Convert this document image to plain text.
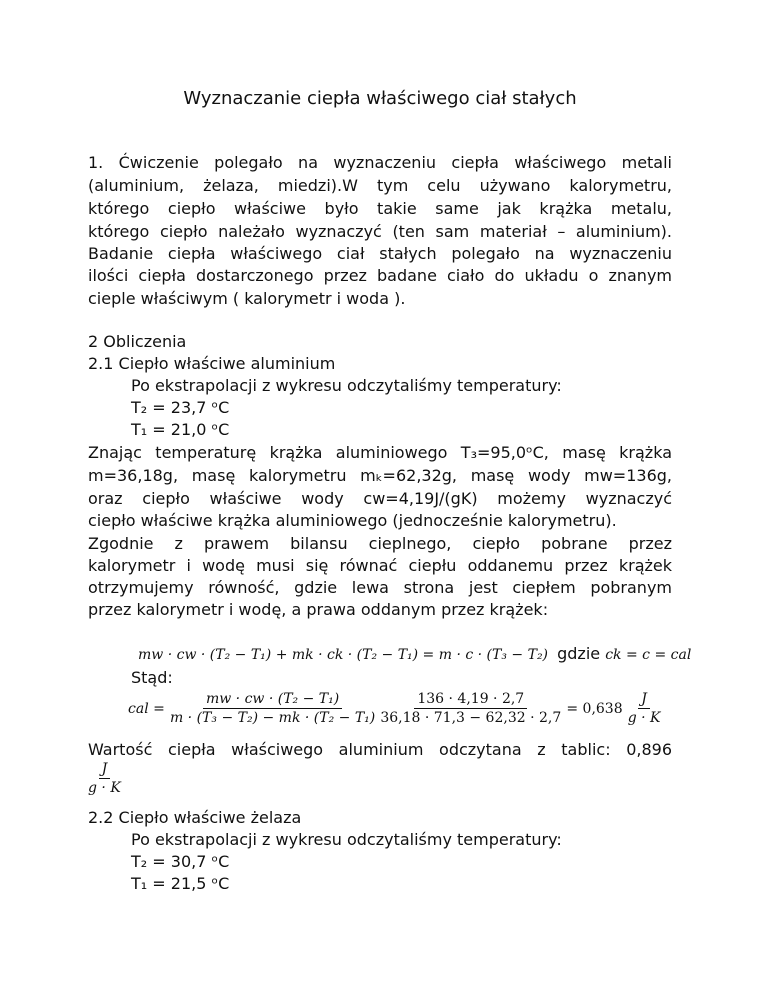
Wyznaczanie ciepła właściwego ciał stałych
1. Ćwiczenie polegało na wyznaczeniu ciepła właściwego metali
(aluminium, żelaza, miedzi).W tym celu używano kalorymetru,
którego ciepło właściwe było takie same jak krążka metalu,
którego ciepło należało wyznaczyć (ten sam materiał – aluminium).
Badanie ciepła właściwego ciał stałych polegało na wyznaczeniu
ilości ciepła dostarczonego przez badane ciało do układu o znanym
cieple właściwym ( kalorymetr i woda ).
2 Obliczenia
2.1 Ciepło właściwe aluminium
Po ekstrapolacji z wykresu odczytaliśmy temperatury:
T₂ = 23,7 ᵒC
T₁ = 21,0 ᵒC
Znając temperaturę krążka aluminiowego T₃=95,0ᵒC, masę krążka
m=36,18g, masę kalorymetru mₖ=62,32g, masę wody mw=136g,
oraz ciepło właściwe wody cw=4,19J/(gK) możemy wyznaczyć
ciepło właściwe krążka aluminiowego (jednocześnie kalorymetru).
Zgodnie z prawem bilansu cieplnego, ciepło pobrane przez
kalorymetr i wodę musi się równać ciepłu oddanemu przez krążek
otrzymujemy równość, gdzie lewa strona jest ciepłem pobranym
przez kalorymetr i wodę, a prawa oddanym przez krążek:
mw · cw · (T₂ − T₁) + mk · ck · (T₂ − T₁) = m · c · (T₃ − T₂) gdzie ck = c = cal
Stąd:
cal = $\frac{\text{mw · cw · (T₂ − T₁)}}{\text{m · (T₃ − T₂) − mk · (T₂ − T₁)}}$
$\frac{136 \cdot 4,19 \cdot 2,7}{36,18 \cdot 71,3 - 62,32 \cdot 2,7} = 0,638 \frac{J}{g \cdot K}$
Wartość ciepła właściwego aluminium odczytana z tablic: 0,896
$\frac{J}{g \cdot K}$
2.2 Ciepło właściwe żelaza
Po ekstrapolacji z wykresu odczytaliśmy temperatury:
T₂ = 30,7 ᵒC
T₁ = 21,5 ᵒC
